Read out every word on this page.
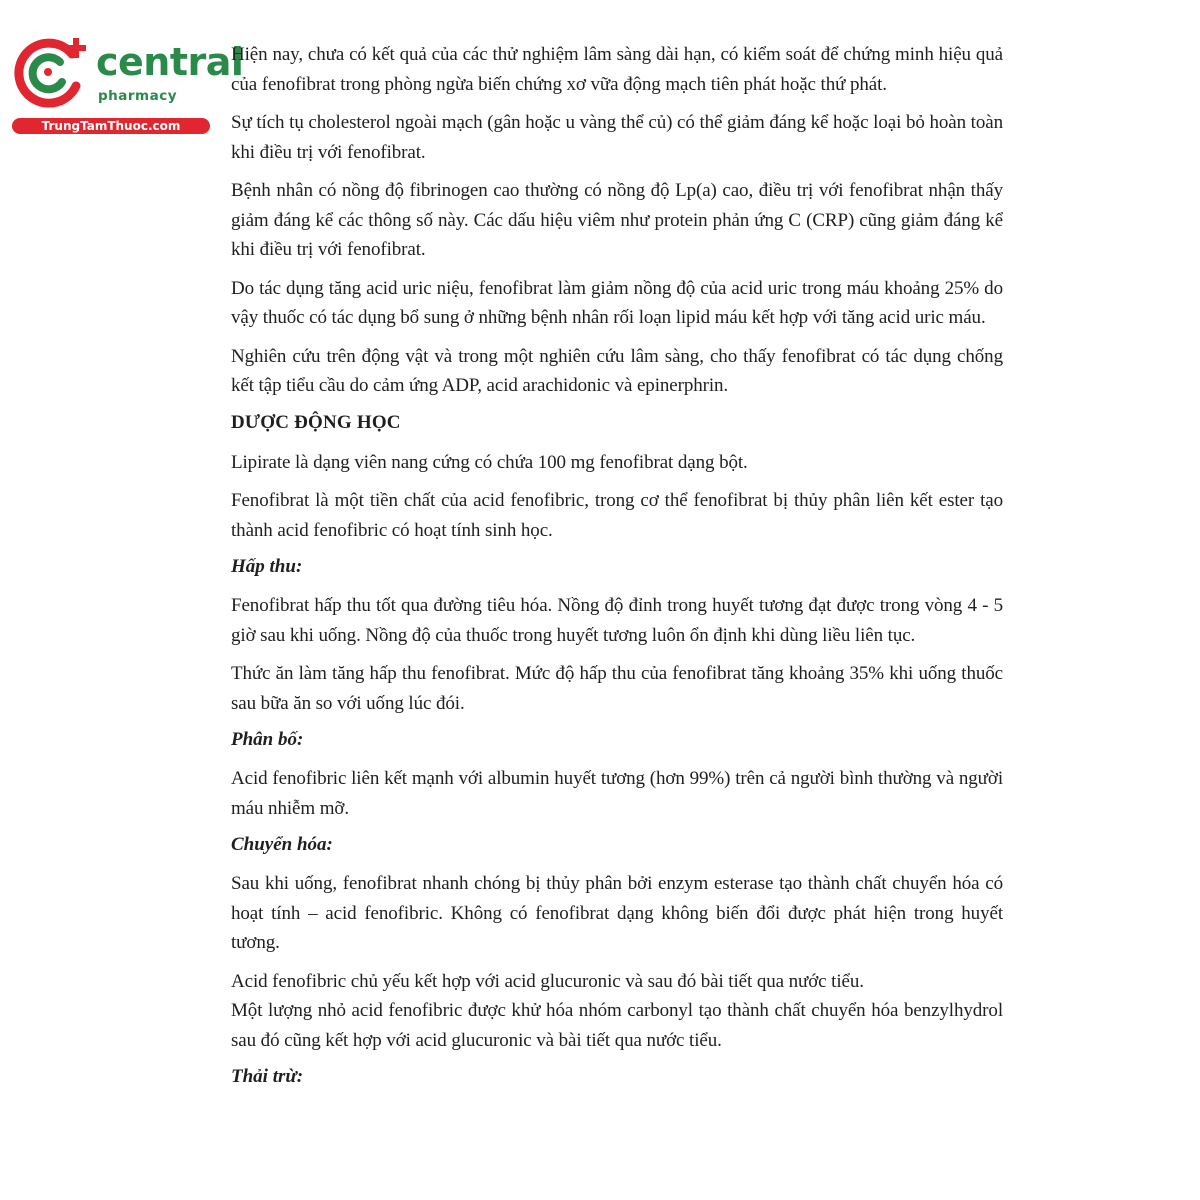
central
pharmacy
TrungTamThuoc.com

Hiện nay, chưa có kết quả của các thử nghiệm lâm sàng dài hạn, có kiểm soát để chứng minh hiệu quả của fenofibrat trong phòng ngừa biến chứng xơ vữa động mạch tiên phát hoặc thứ phát.

Sự tích tụ cholesterol ngoài mạch (gân hoặc u vàng thể củ) có thể giảm đáng kể hoặc loại bỏ hoàn toàn khi điều trị với fenofibrat.

Bệnh nhân có nồng độ fibrinogen cao thường có nồng độ Lp(a) cao, điều trị với fenofibrat nhận thấy giảm đáng kể các thông số này. Các dấu hiệu viêm như protein phản ứng C (CRP) cũng giảm đáng kể khi điều trị với fenofibrat.

Do tác dụng tăng acid uric niệu, fenofibrat làm giảm nồng độ của acid uric trong máu khoảng 25% do vậy thuốc có tác dụng bổ sung ở những bệnh nhân rối loạn lipid máu kết hợp với tăng acid uric máu.

Nghiên cứu trên động vật và trong một nghiên cứu lâm sàng, cho thấy fenofibrat có tác dụng chống kết tập tiểu cầu do cảm ứng ADP, acid arachidonic và epinerphrin.

DƯỢC ĐỘNG HỌC

Lipirate là dạng viên nang cứng có chứa 100 mg fenofibrat dạng bột.

Fenofibrat là một tiền chất của acid fenofibric, trong cơ thể fenofibrat bị thủy phân liên kết ester tạo thành acid fenofibric có hoạt tính sinh học.

Hấp thu:

Fenofibrat hấp thu tốt qua đường tiêu hóa. Nồng độ đỉnh trong huyết tương đạt được trong vòng 4 - 5 giờ sau khi uống. Nồng độ của thuốc trong huyết tương luôn ổn định khi dùng liều liên tục.

Thức ăn làm tăng hấp thu fenofibrat. Mức độ hấp thu của fenofibrat tăng khoảng 35% khi uống thuốc sau bữa ăn so với uống lúc đói.

Phân bố:

Acid fenofibric liên kết mạnh với albumin huyết tương (hơn 99%) trên cả người bình thường và người máu nhiễm mỡ.

Chuyển hóa:

Sau khi uống, fenofibrat nhanh chóng bị thủy phân bởi enzym esterase tạo thành chất chuyển hóa có hoạt tính – acid fenofibric. Không có fenofibrat dạng không biến đổi được phát hiện trong huyết tương.

Acid fenofibric chủ yếu kết hợp với acid glucuronic và sau đó bài tiết qua nước tiểu.

Một lượng nhỏ acid fenofibric được khử hóa nhóm carbonyl tạo thành chất chuyển hóa benzylhydrol sau đó cũng kết hợp với acid glucuronic và bài tiết qua nước tiểu.

Thải trừ:
